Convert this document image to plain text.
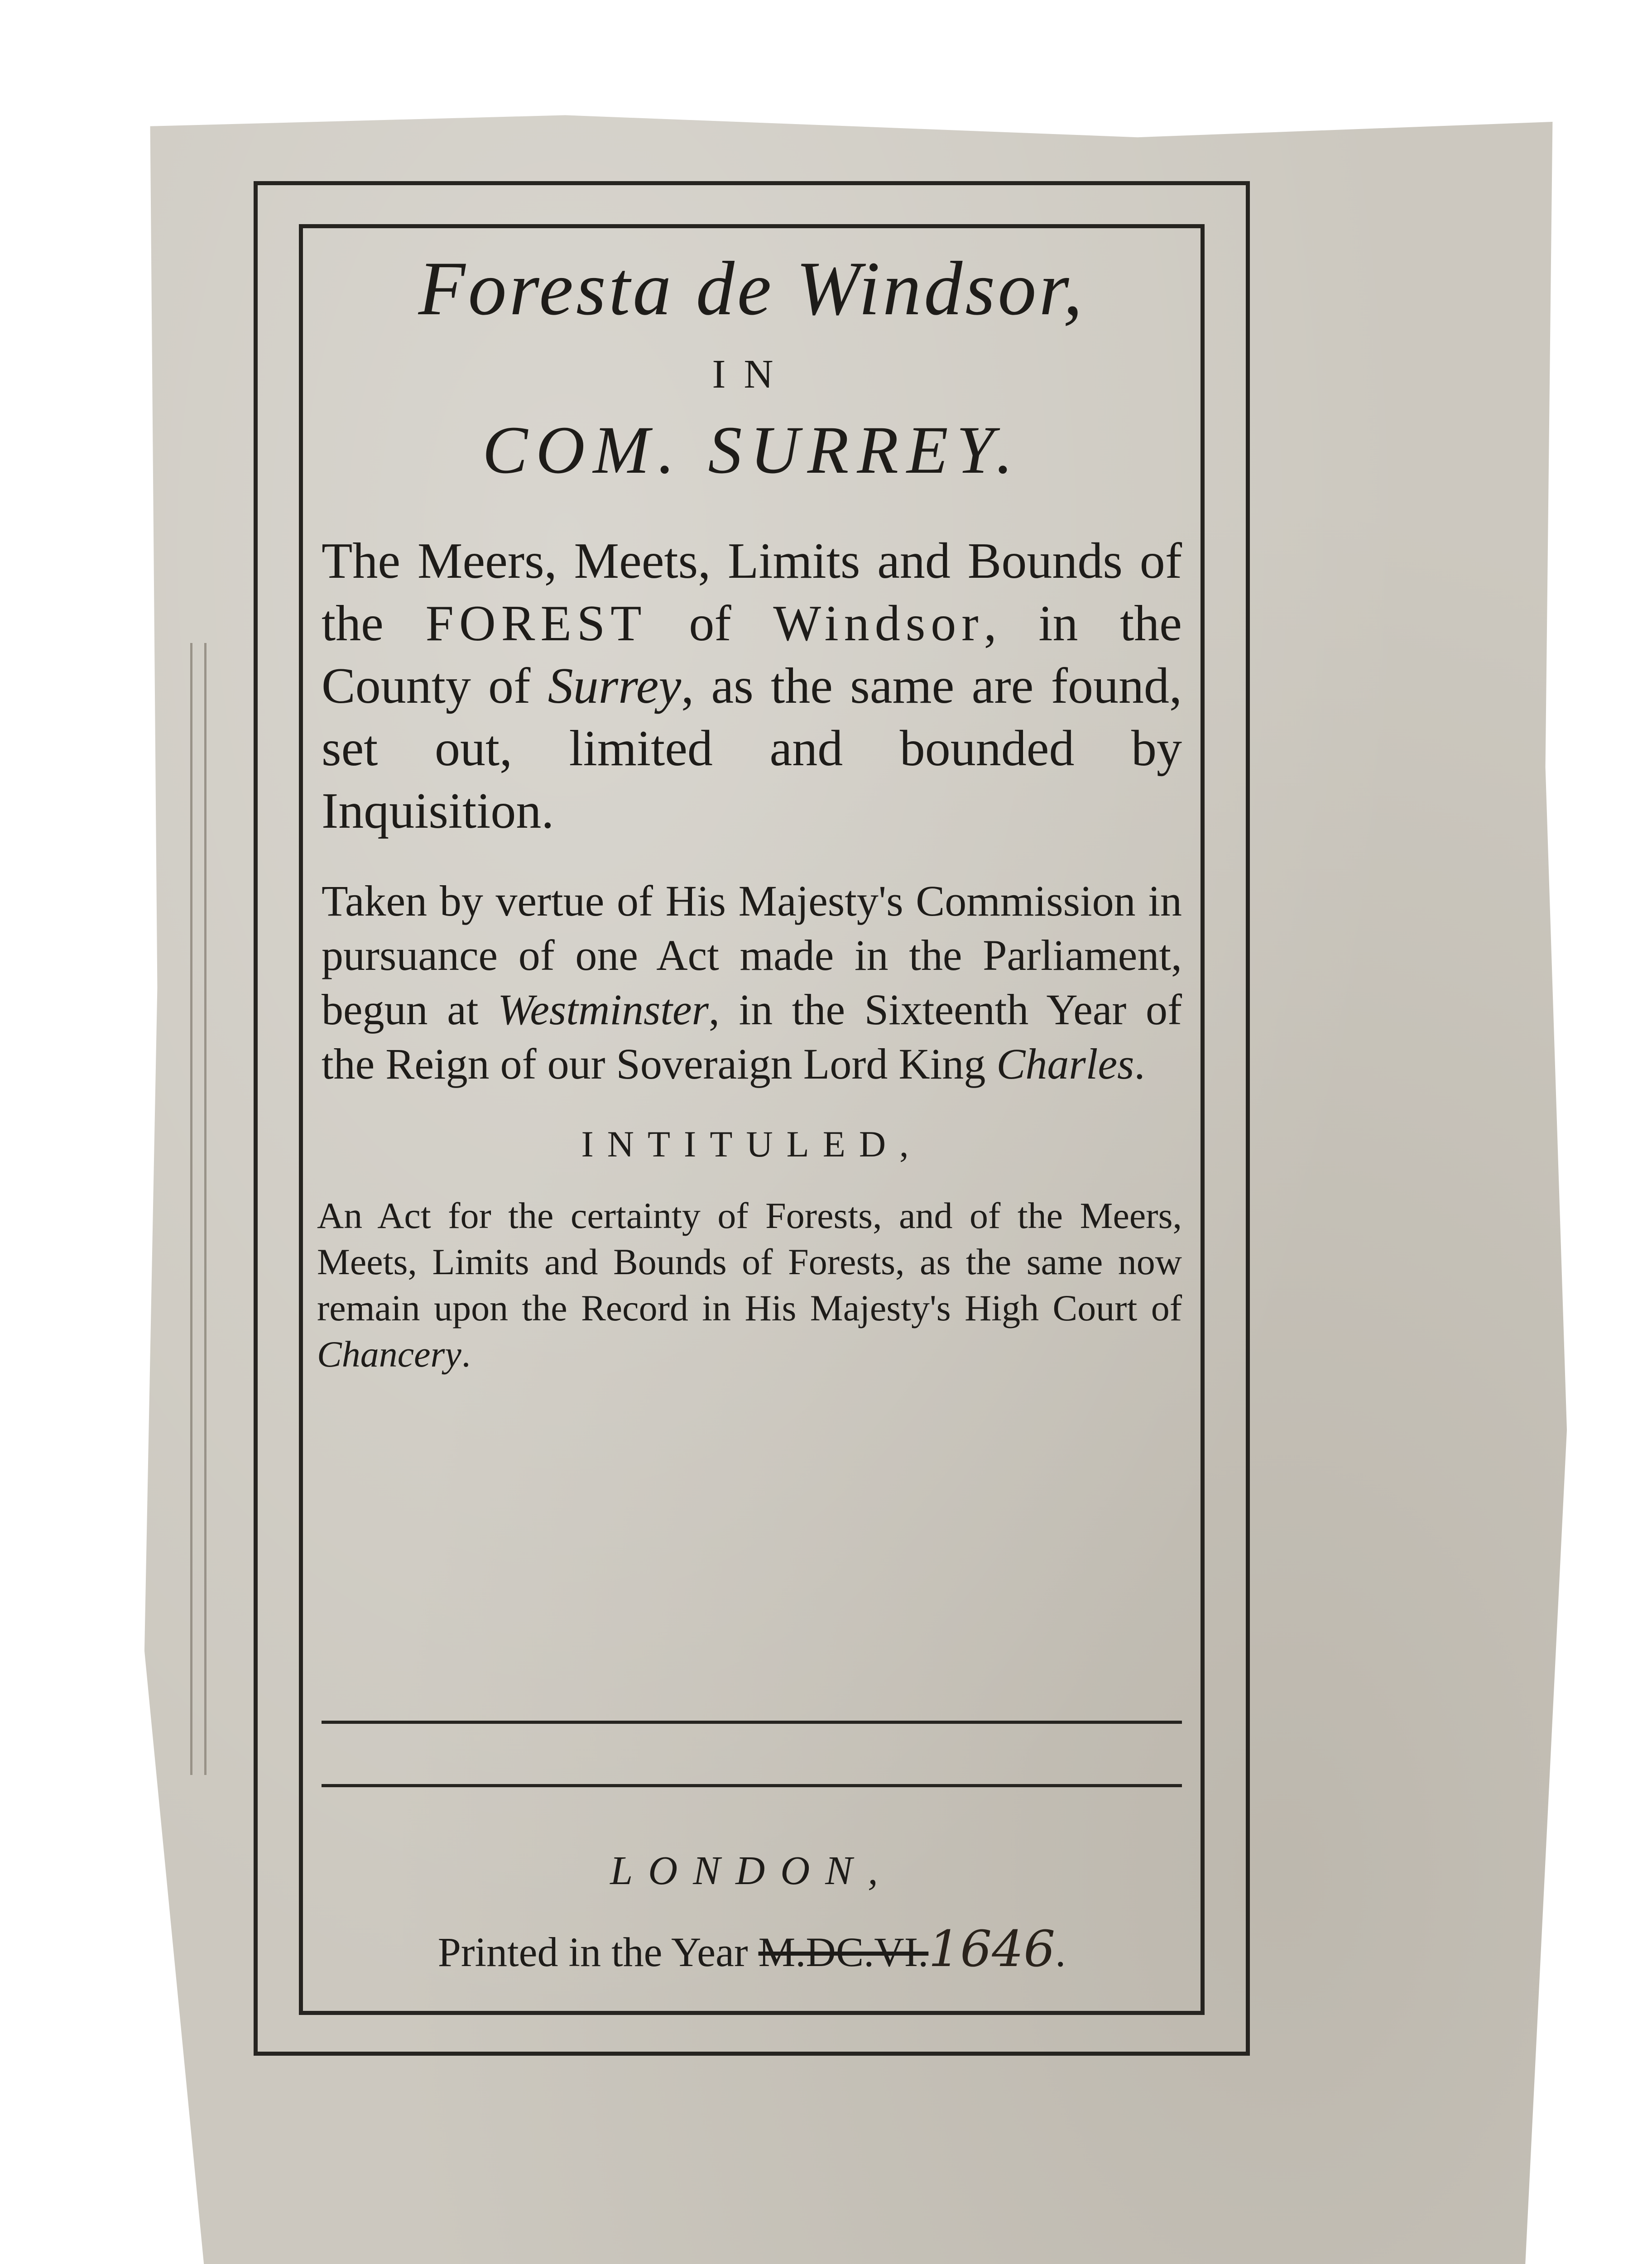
Foresta de Windsor,
IN
COM. SURREY.
The Meers, Meets, Limits and Bounds of the FOREST of Windsor, in the County of Surrey, as the same are found, set out, limited and bounded by Inquisition.
Taken by vertue of His Majesty's Commission in pursuance of one Act made in the Parliament, begun at Westminster, in the Sixteenth Year of the Reign of our Soveraign Lord King Charles.
INTITULED,
An Act for the certainty of Forests, and of the Meers, Meets, Limits and Bounds of Forests, as the same now remain upon the Record in His Majesty's High Court of Chancery.
LONDON,
Printed in the Year M.DC.VI.1646.
